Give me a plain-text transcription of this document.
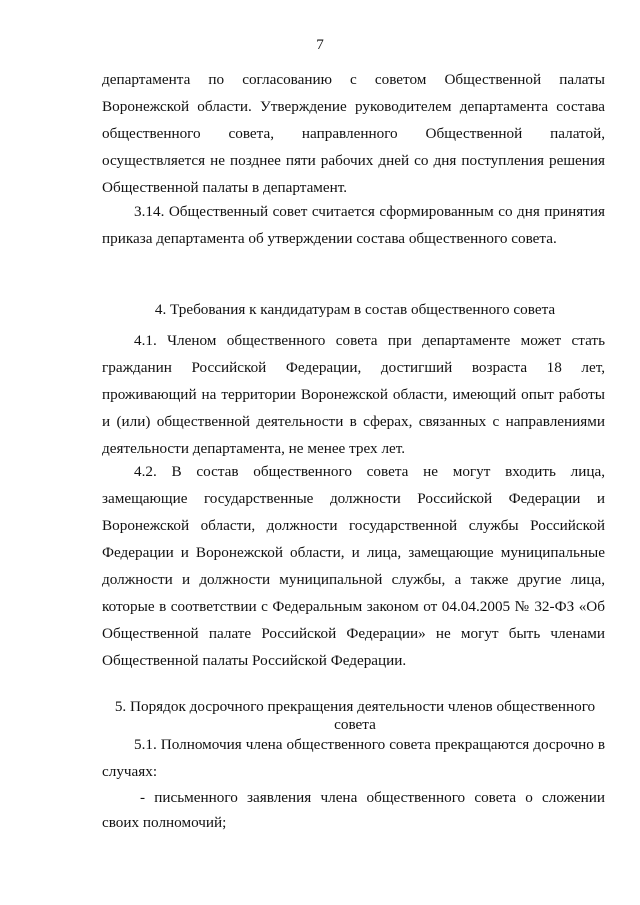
7
департамента по согласованию с советом Общественной палаты Воронежской области. Утверждение руководителем департамента состава общественного совета, направленного Общественной палатой, осуществляется не позднее пяти рабочих дней со дня поступления решения Общественной палаты в департамент.
3.14. Общественный совет считается сформированным со дня принятия приказа департамента об утверждении состава общественного совета.
4. Требования к кандидатурам в состав общественного совета
4.1. Членом общественного совета при департаменте может стать гражданин Российской Федерации, достигший возраста 18 лет, проживающий на территории Воронежской области, имеющий опыт работы и (или) общественной деятельности в сферах, связанных с направлениями деятельности департамента, не менее трех лет.
4.2. В состав общественного совета не могут входить лица, замещающие государственные должности Российской Федерации и Воронежской области, должности государственной службы Российской Федерации и Воронежской области, и лица, замещающие муниципальные должности и должности муниципальной службы, а также другие лица, которые в соответствии с Федеральным законом от 04.04.2005 № 32-ФЗ «Об Общественной палате Российской Федерации» не могут быть членами Общественной палаты Российской Федерации.
5. Порядок досрочного прекращения деятельности членов общественного
совета
5.1. Полномочия члена общественного совета прекращаются досрочно в случаях:
- письменного заявления члена общественного совета о сложении своих полномочий;
